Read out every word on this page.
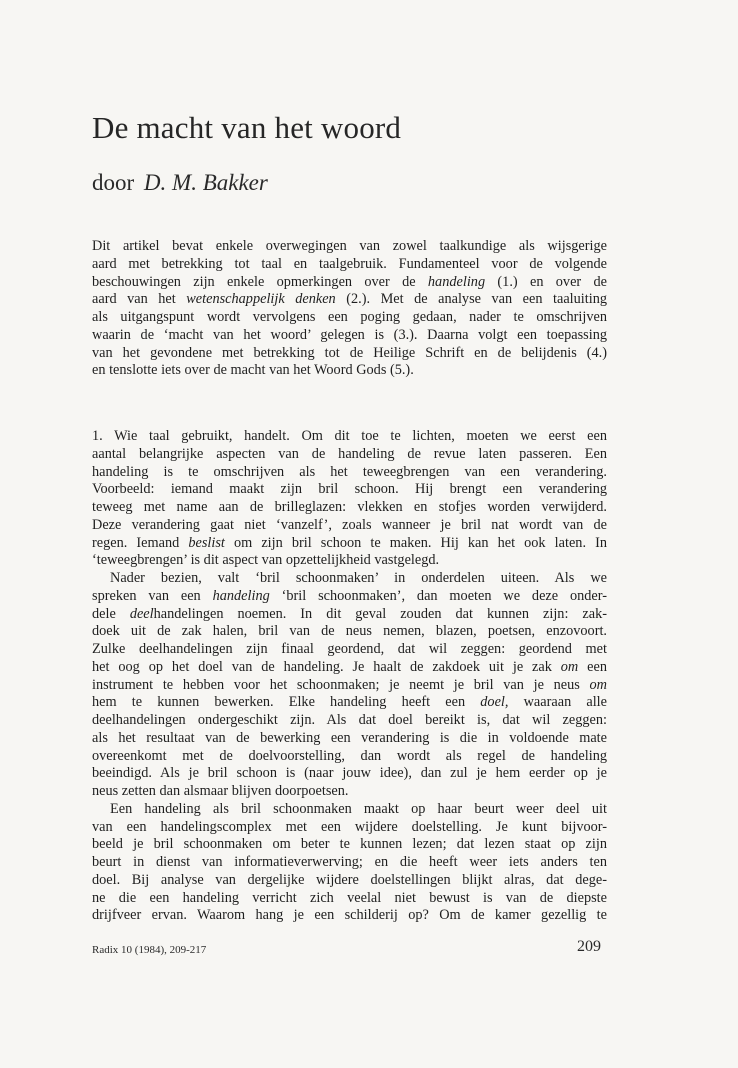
De macht van het woord
door D. M. Bakker
Dit artikel bevat enkele overwegingen van zowel taalkundige als wijsgerige
aard met betrekking tot taal en taalgebruik. Fundamenteel voor de volgende
beschouwingen zijn enkele opmerkingen over de handeling (1.) en over de
aard van het wetenschappelijk denken (2.). Met de analyse van een taaluiting
als uitgangspunt wordt vervolgens een poging gedaan, nader te omschrijven
waarin de ‘macht van het woord’ gelegen is (3.). Daarna volgt een toepassing
van het gevondene met betrekking tot de Heilige Schrift en de belijdenis (4.)
en tenslotte iets over de macht van het Woord Gods (5.).
1. Wie taal gebruikt, handelt. Om dit toe te lichten, moeten we eerst een
aantal belangrijke aspecten van de handeling de revue laten passeren. Een
handeling is te omschrijven als het teweegbrengen van een verandering.
Voorbeeld: iemand maakt zijn bril schoon. Hij brengt een verandering
teweeg met name aan de brilleglazen: vlekken en stofjes worden verwijderd.
Deze verandering gaat niet ‘vanzelf’, zoals wanneer je bril nat wordt van de
regen. Iemand beslist om zijn bril schoon te maken. Hij kan het ook laten. In
‘teweegbrengen’ is dit aspect van opzettelijkheid vastgelegd.
Nader bezien, valt ‘bril schoonmaken’ in onderdelen uiteen. Als we
spreken van een handeling ‘bril schoonmaken’, dan moeten we deze onder-
dele deelhandelingen noemen. In dit geval zouden dat kunnen zijn: zak-
doek uit de zak halen, bril van de neus nemen, blazen, poetsen, enzovoort.
Zulke deelhandelingen zijn finaal geordend, dat wil zeggen: geordend met
het oog op het doel van de handeling. Je haalt de zakdoek uit je zak om een
instrument te hebben voor het schoonmaken; je neemt je bril van je neus om
hem te kunnen bewerken. Elke handeling heeft een doel, waaraan alle
deelhandelingen ondergeschikt zijn. Als dat doel bereikt is, dat wil zeggen:
als het resultaat van de bewerking een verandering is die in voldoende mate
overeenkomt met de doelvoorstelling, dan wordt als regel de handeling
beeindigd. Als je bril schoon is (naar jouw idee), dan zul je hem eerder op je
neus zetten dan alsmaar blijven doorpoetsen.
Een handeling als bril schoonmaken maakt op haar beurt weer deel uit
van een handelingscomplex met een wijdere doelstelling. Je kunt bijvoor-
beeld je bril schoonmaken om beter te kunnen lezen; dat lezen staat op zijn
beurt in dienst van informatieverwerving; en die heeft weer iets anders ten
doel. Bij analyse van dergelijke wijdere doelstellingen blijkt alras, dat dege-
ne die een handeling verricht zich veelal niet bewust is van de diepste
drijfveer ervan. Waarom hang je een schilderij op? Om de kamer gezellig te
Radix 10 (1984), 209-217	209
